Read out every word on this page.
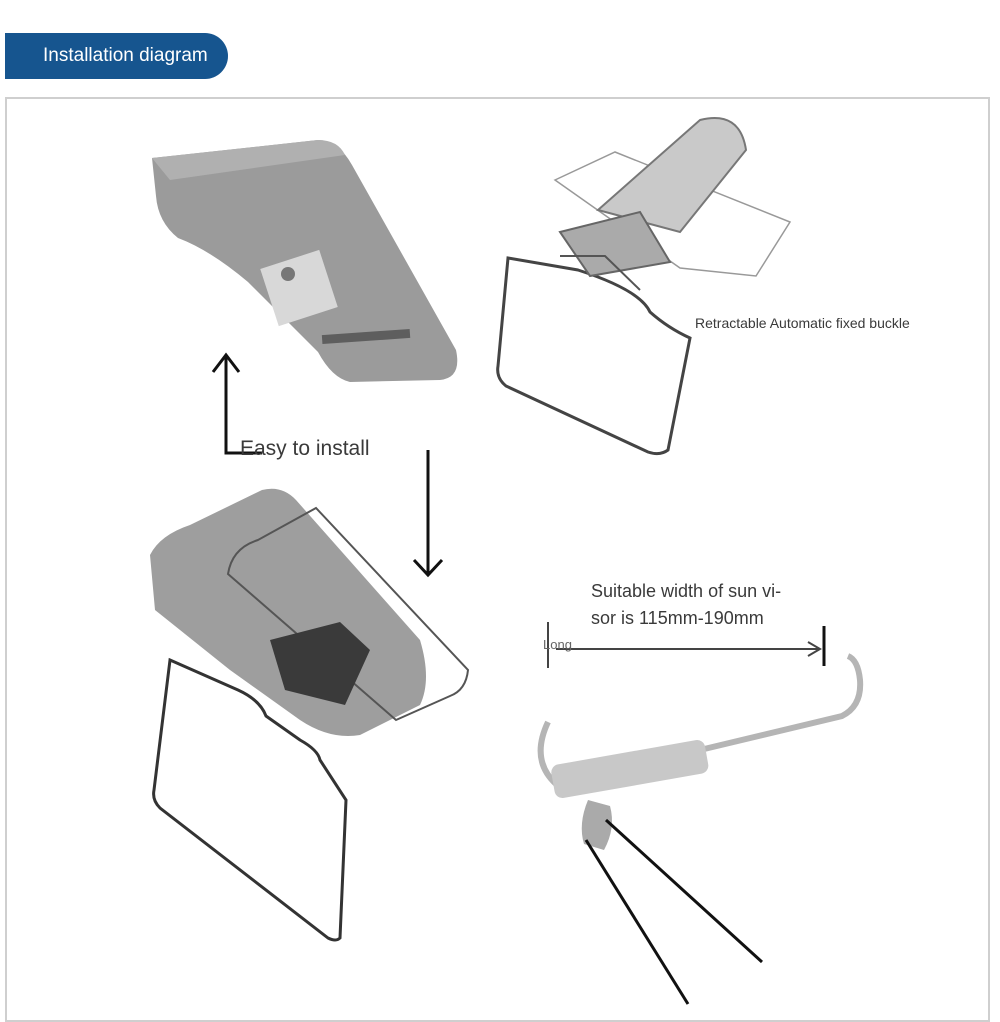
Installation diagram
Easy to install
Retractable Automatic fixed buckle
Suitable width of sun vi-
sor is 115mm-190mm
Long
